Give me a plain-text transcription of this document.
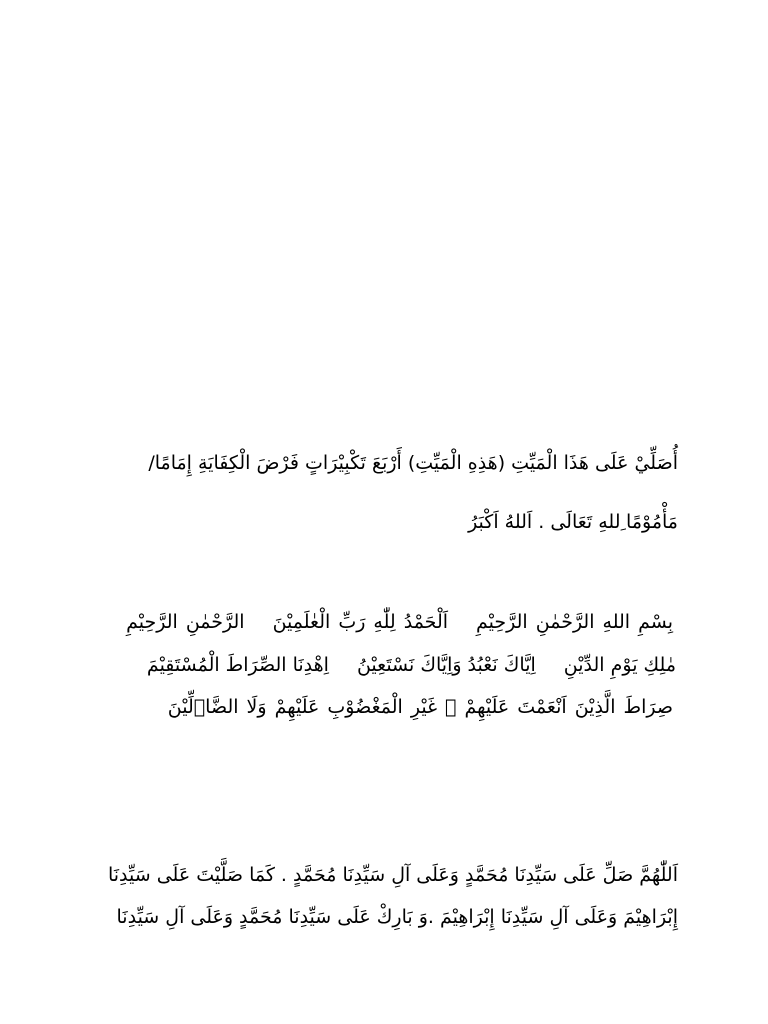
أُصَلِّيْ عَلَى هَذَا الْمَيِّتِ (هَذِهِ الْمَيِّتِ) أَرْبَعَ تَكْبِيْرَاتٍ فَرْضَ الْكِفَايَةِ إِمَامًا/
مَأْمُوْمًا ِللهِ تَعَالَى . اَللهُ اَكْبَرُ
بِسْمِ اللهِ الرَّحْمٰنِ الرَّحِيْمِاَلْحَمْدُ لِلّٰهِ رَبِّ الْعٰلَمِيْنَالرَّحْمٰنِ الرَّحِيْمِ
مٰلِكِ يَوْمِ الدِّيْنِاِيَّاكَ نَعْبُدُ وَاِيَّاكَ نَسْتَعِيْنُاِهْدِنَا الصِّرَاطَ الْمُسْتَقِيْمَ
صِرَاطَ الَّذِيْنَ اَنْعَمْتَ عَلَيْهِمْ ۙ غَيْرِ الْمَغْضُوْبِ عَلَيْهِمْ وَلَا الضَّاۤلِّيْنَ
اَللّٰهُمَّ صَلِّ عَلَى سَيِّدِنَا مُحَمَّدٍ وَعَلَى آلِ سَيِّدِنَا مُحَمَّدٍ . كَمَا صَلَّيْتَ عَلَى سَيِّدِنَا
إِبْرَاهِيْمَ وَعَلَى آلِ سَيِّدِنَا إِبْرَاهِيْمَ .وَ بَارِكْ عَلَى سَيِّدِنَا مُحَمَّدٍ وَعَلَى آلِ سَيِّدِنَا
